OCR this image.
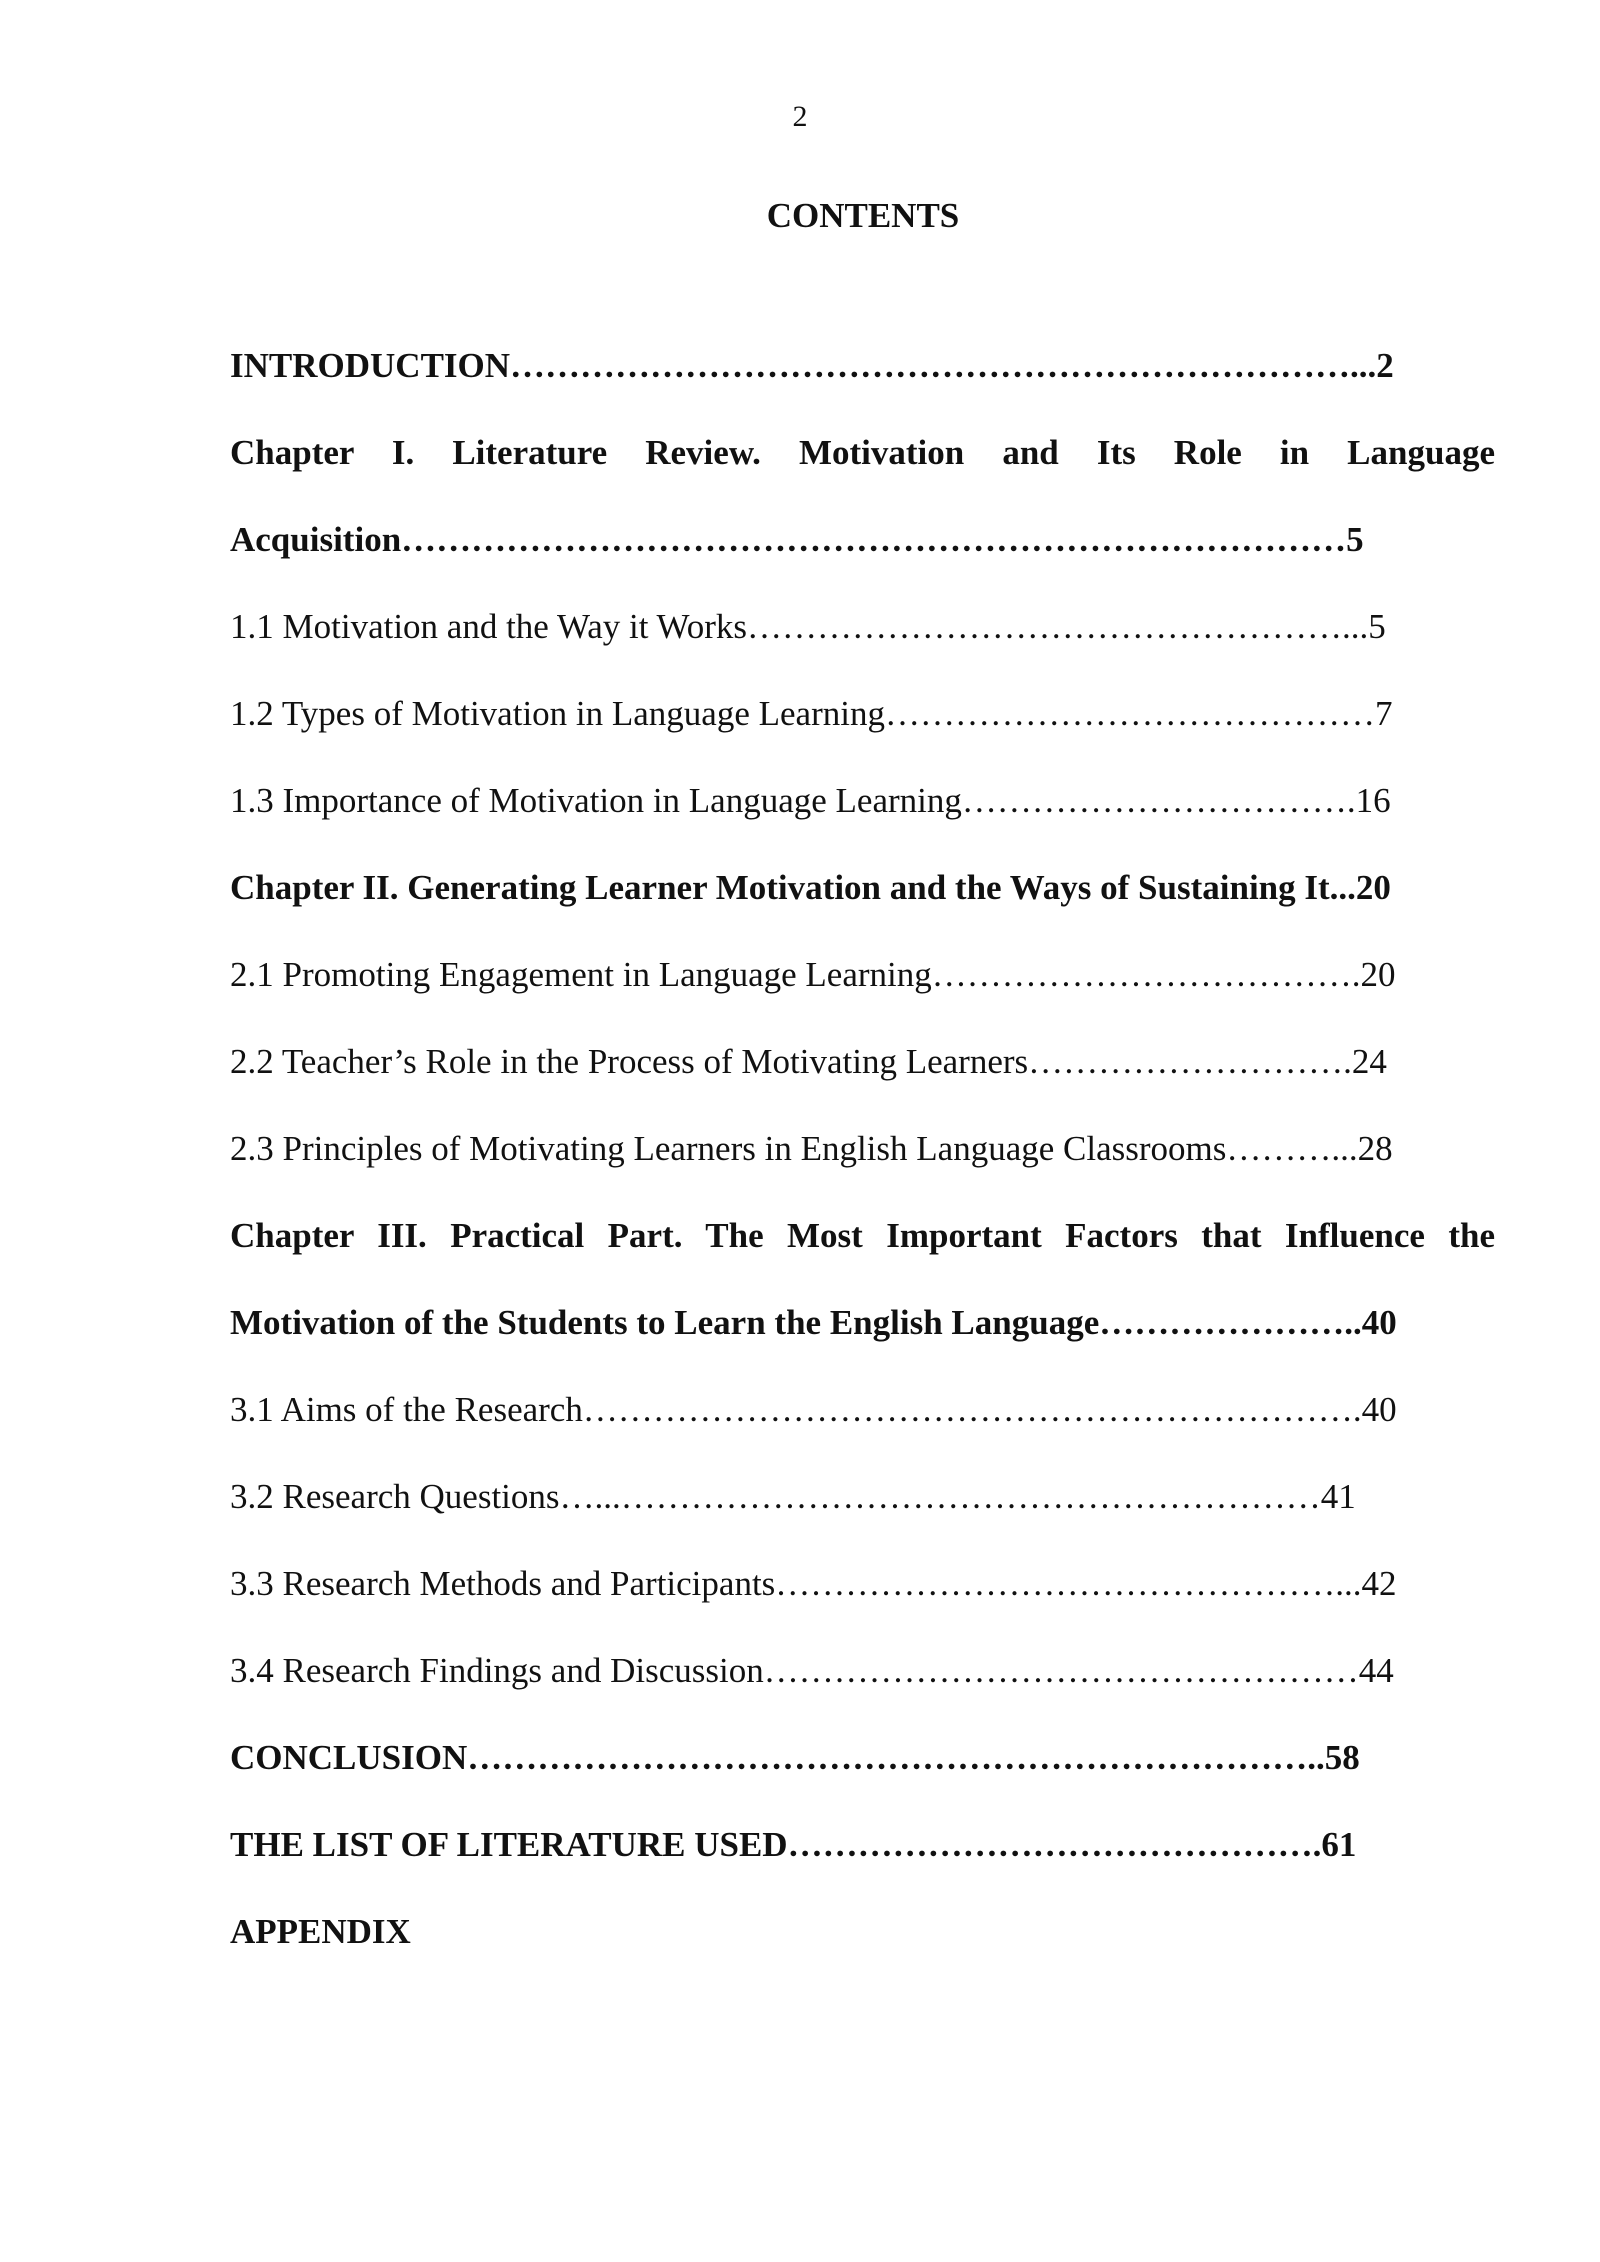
2
CONTENTS
INTRODUCTION………………………………………………………………...2
Chapter I. Literature Review. Motivation and Its Role in Language
Acquisition………………………………………………………………………5
1.1 Motivation and the Way it Works……………………………………………...5
1.2 Types of Motivation in Language Learning……………………………………7
1.3 Importance of Motivation in Language Learning…………………………….16
Chapter II. Generating Learner Motivation and the Ways of Sustaining It...20
2.1 Promoting Engagement in Language Learning……………………………….20
2.2 Teacher’s Role in the Process of Motivating Learners……………………….24
2.3 Principles of Motivating Learners in English Language Classrooms………...28
Chapter III. Practical Part. The Most Important Factors that Influence the
Motivation of the Students to Learn the English Language…………………..40
3.1 Aims of the Research………………………………………………………….40
3.2 Research Questions…...……………………………………………………41
3.3 Research Methods and Participants…………………………………………...42
3.4 Research Findings and Discussion……………………………………………44
CONCLUSION………………………………………………………………..58
THE LIST OF LITERATURE USED……………………………………….61
APPENDIX
